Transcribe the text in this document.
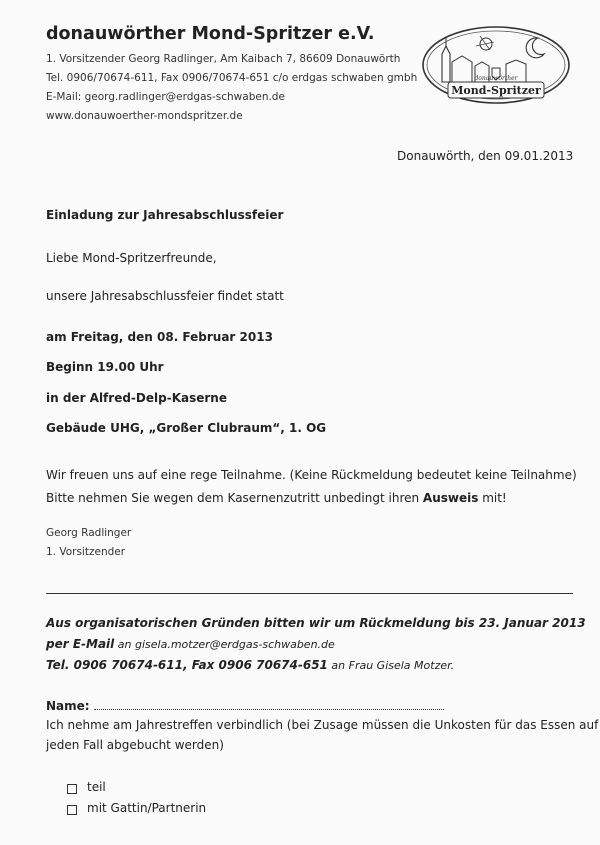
donauwörther Mond-Spritzer e.V.
1. Vorsitzender Georg Radlinger, Am Kaibach 7, 86609 Donauwörth
Tel. 0906/70674-611, Fax 0906/70674-651 c/o erdgas schwaben gmbh
E-Mail: georg.radlinger@erdgas-schwaben.de
www.donauwoerther-mondspritzer.de
donauwörther
Mond-Spritzer
Donauwörth, den 09.01.2013
Einladung zur Jahresabschlussfeier
Liebe Mond-Spritzerfreunde,
unsere Jahresabschlussfeier findet statt
am Freitag, den 08. Februar 2013
Beginn 19.00 Uhr
in der Alfred-Delp-Kaserne
Gebäude UHG, „Großer Clubraum“, 1. OG
Wir freuen uns auf eine rege Teilnahme. (Keine Rückmeldung bedeutet keine Teilnahme)
Bitte nehmen Sie wegen dem Kasernenzutritt unbedingt ihren Ausweis mit!
Georg Radlinger
1. Vorsitzender
Aus organisatorischen Gründen bitten wir um Rückmeldung bis 23. Januar 2013
per E-Mail an gisela.motzer@erdgas-schwaben.de
Tel. 0906 70674-611, Fax 0906 70674-651 an Frau Gisela Motzer.
Name:
Ich nehme am Jahrestreffen verbindlich (bei Zusage müssen die Unkosten für das Essen auf
jeden Fall abgebucht werden)
teil
mit Gattin/Partnerin
